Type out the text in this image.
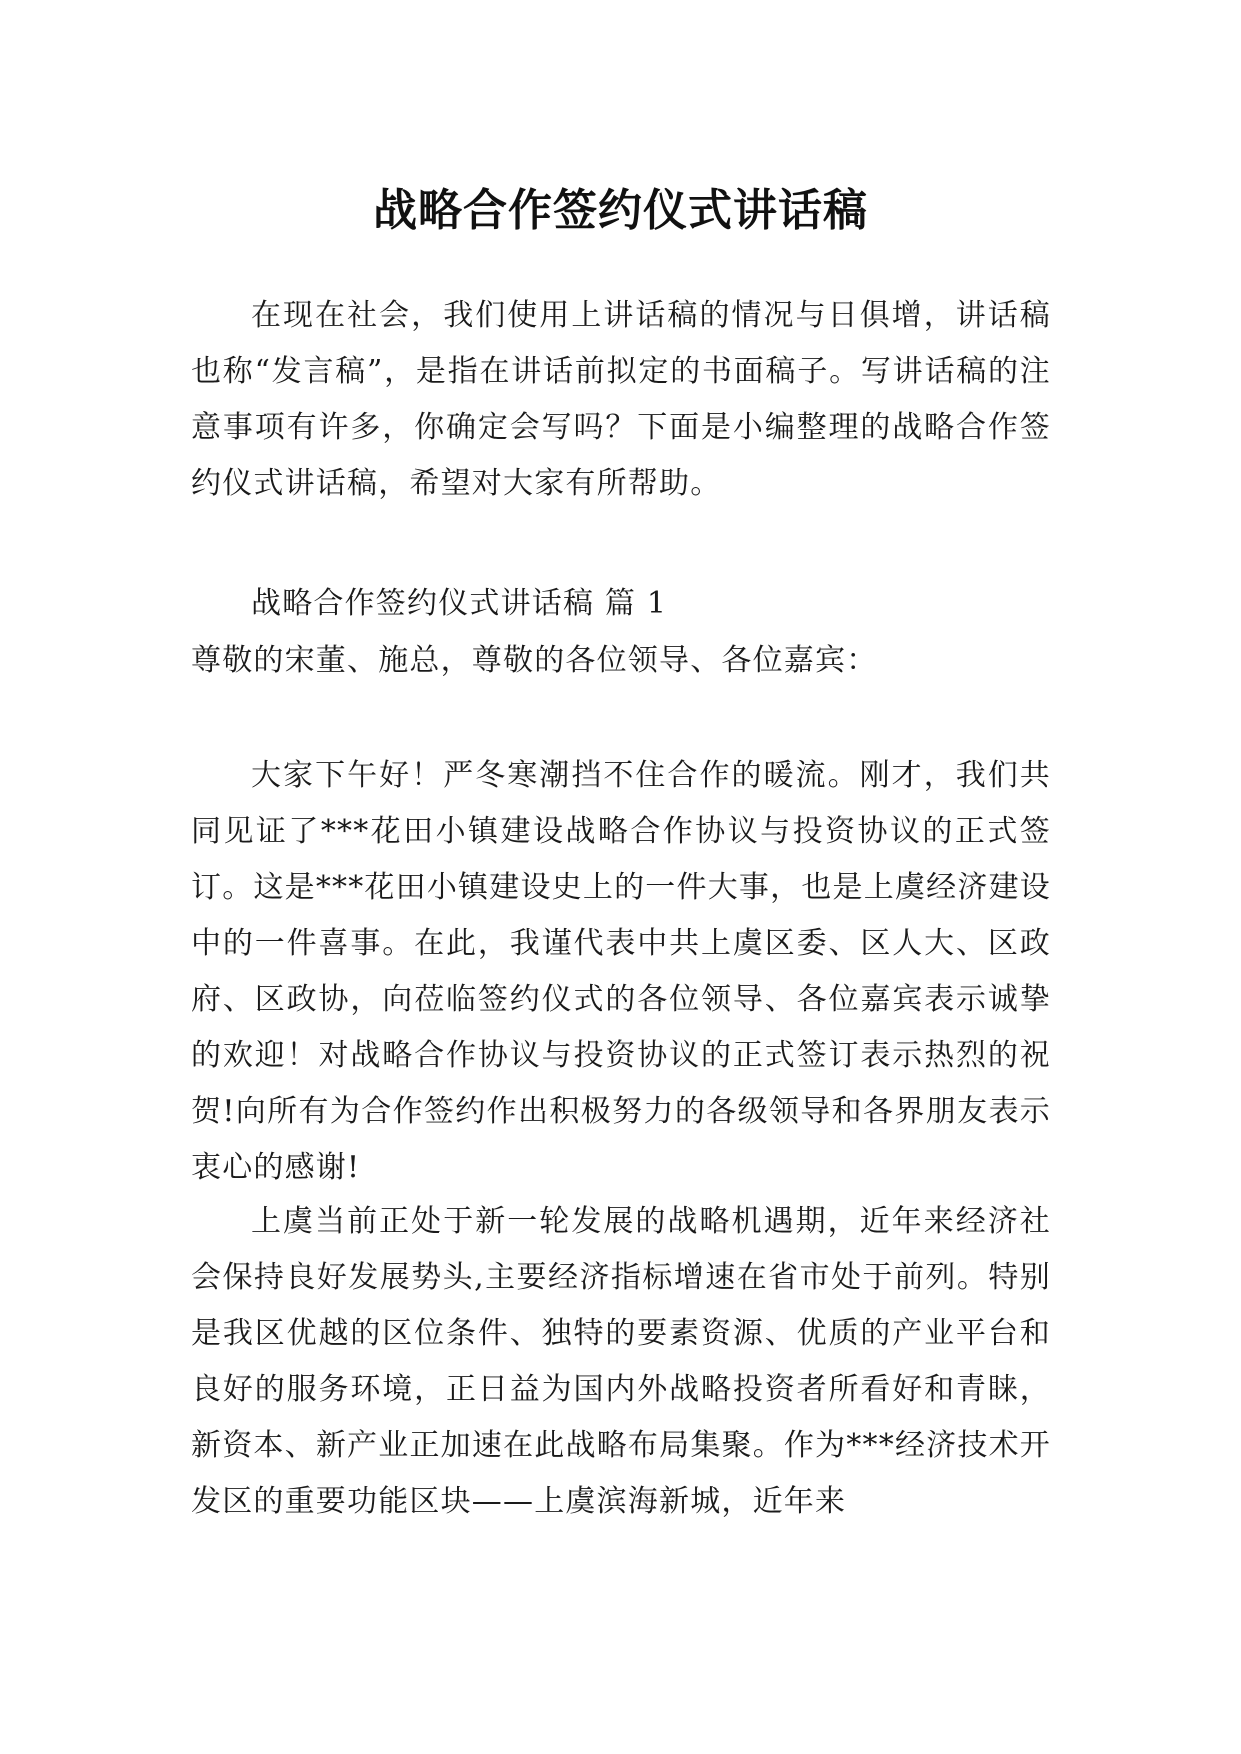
战略合作签约仪式讲话稿

在现在社会，我们使用上讲话稿的情况与日俱增，讲话稿也称“发言稿”，是指在讲话前拟定的书面稿子。写讲话稿的注意事项有许多，你确定会写吗？下面是小编整理的战略合作签约仪式讲话稿，希望对大家有所帮助。

战略合作签约仪式讲话稿 篇 1

尊敬的宋董、施总，尊敬的各位领导、各位嘉宾：

大家下午好！严冬寒潮挡不住合作的暖流。刚才，我们共同见证了***花田小镇建设战略合作协议与投资协议的正式签订。这是***花田小镇建设史上的一件大事，也是上虞经济建设中的一件喜事。在此，我谨代表中共上虞区委、区人大、区政府、区政协，向莅临签约仪式的各位领导、各位嘉宾表示诚挚的欢迎！对战略合作协议与投资协议的正式签订表示热烈的祝贺!向所有为合作签约作出积极努力的各级领导和各界朋友表示衷心的感谢!

上虞当前正处于新一轮发展的战略机遇期，近年来经济社会保持良好发展势头,主要经济指标增速在省市处于前列。特别是我区优越的区位条件、独特的要素资源、优质的产业平台和良好的服务环境，正日益为国内外战略投资者所看好和青睐，新资本、新产业正加速在此战略布局集聚。作为***经济技术开发区的重要功能区块——上虞滨海新城，近年来
